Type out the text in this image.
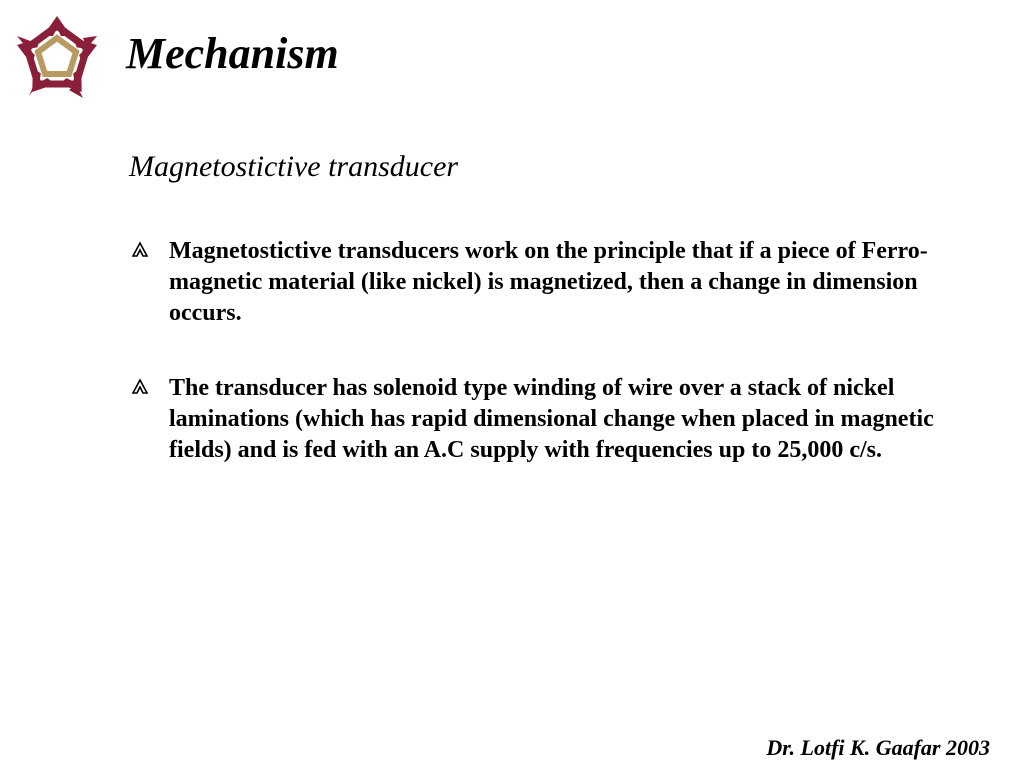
Mechanism
Magnetostictive transducer
Magnetostictive transducers work on the principle that if a piece of Ferro-magnetic material (like nickel) is magnetized, then a change in dimension occurs.
The transducer has solenoid type winding of wire over a stack of nickel laminations (which has rapid dimensional change when placed in magnetic fields) and is fed with an A.C supply with frequencies up to 25,000 c/s.
Dr. Lotfi K. Gaafar 2003
